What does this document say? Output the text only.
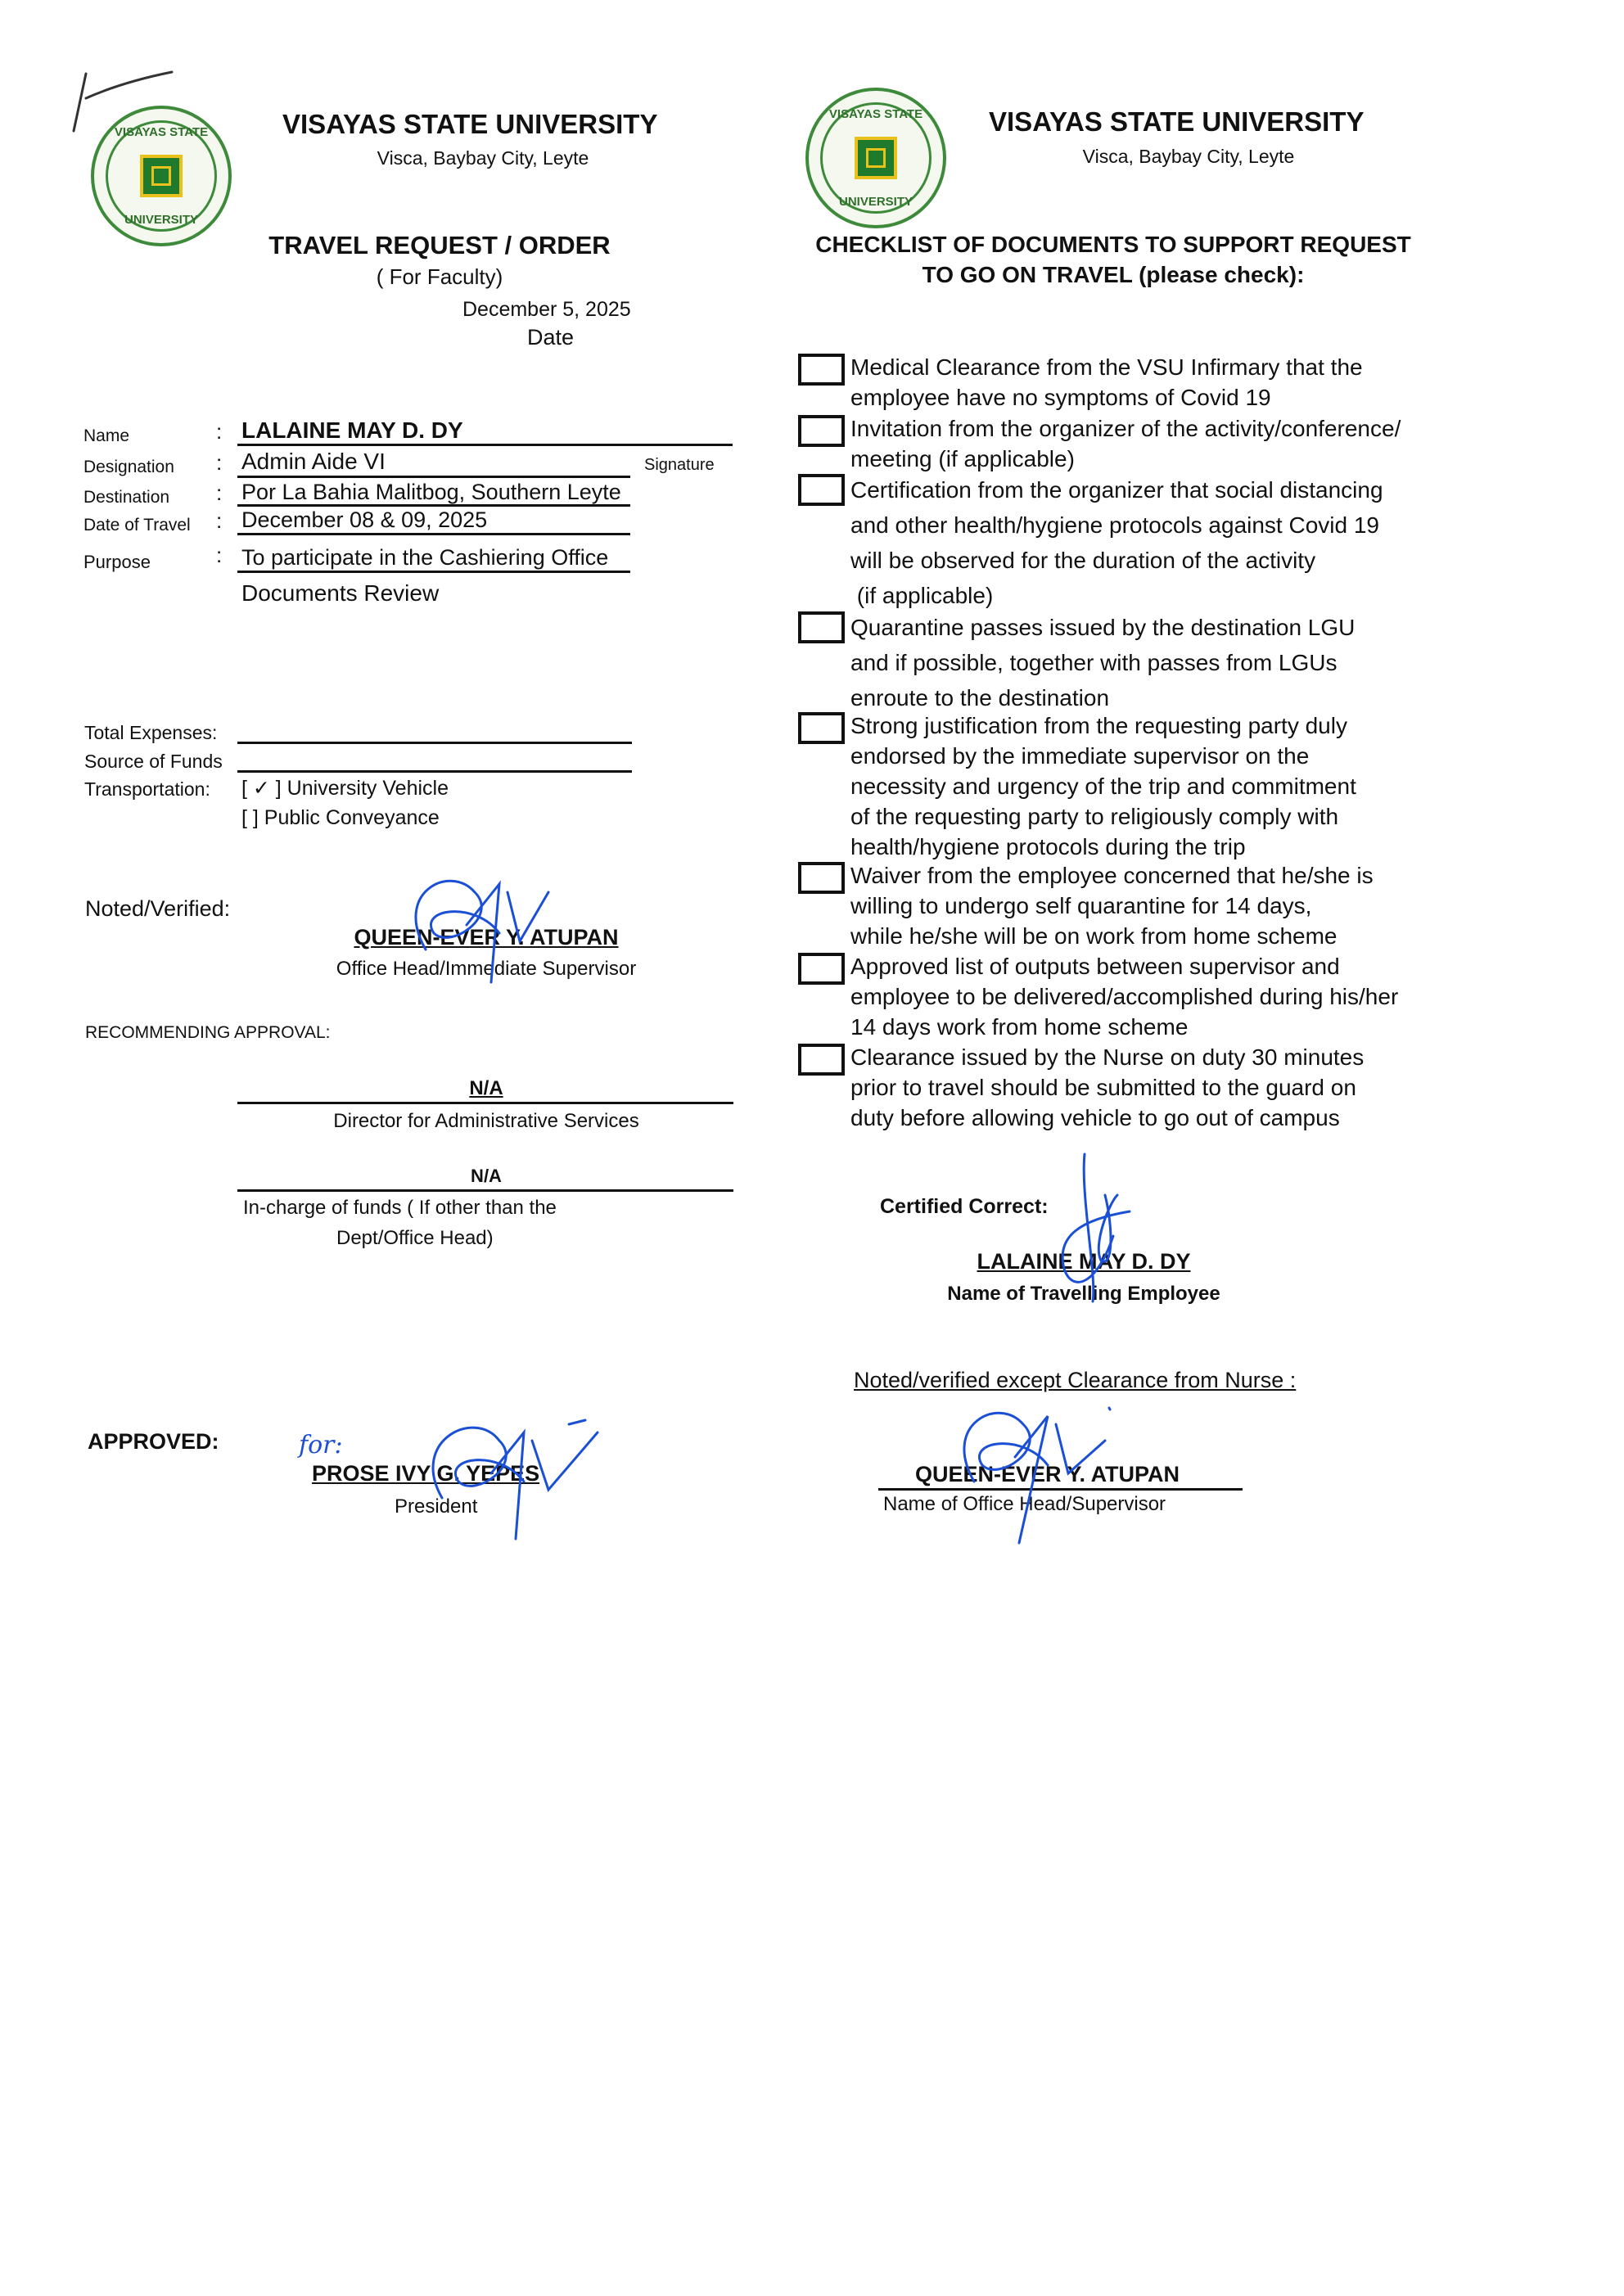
VISAYAS STATE
UNIVERSITY
VISAYAS STATE UNIVERSITY
Visca, Baybay City, Leyte
TRAVEL REQUEST / ORDER
( For Faculty)
December 5, 2025
Date
Name	: LALAINE MAY D. DY
Designation : Admin Aide VI	Signature
Destination : Por La Bahia Malitbog, Southern Leyte
Date of Travel : December 08 & 09, 2025
Purpose	: To participate in the Cashiering Office
Documents Review
Total Expenses:
Source of Funds
Transportation: [ ✓ ] University Vehicle
[ ] Public Conveyance
Noted/Verified:
QUEEN-EVER Y. ATUPAN
Office Head/Immediate Supervisor
RECOMMENDING APPROVAL:
N/A
Director for Administrative Services
N/A
In-charge of funds ( If other than the
Dept/Office Head)
APPROVED:	for:
PROSE IVY G. YEPES
President
VISAYAS STATE
UNIVERSITY
VISAYAS STATE UNIVERSITY
Visca, Baybay City, Leyte
CHECKLIST OF DOCUMENTS TO SUPPORT REQUEST
TO GO ON TRAVEL (please check):
Medical Clearance from the VSU Infirmary that the
employee have no symptoms of Covid 19
Invitation from the organizer of the activity/conference/
meeting (if applicable)
Certification from the organizer that social distancing
and other health/hygiene protocols against Covid 19
will be observed for the duration of the activity
(if applicable)
Quarantine passes issued by the destination LGU
and if possible, together with passes from LGUs
enroute to the destination
Strong justification from the requesting party duly
endorsed by the immediate supervisor on the
necessity and urgency of the trip and commitment
of the requesting party to religiously comply with
health/hygiene protocols during the trip
Waiver from the employee concerned that he/she is
willing to undergo self quarantine for 14 days,
while he/she will be on work from home scheme
Approved list of outputs between supervisor and
employee to be delivered/accomplished during his/her
14 days work from home scheme
Clearance issued by the Nurse on duty 30 minutes
prior to travel should be submitted to the guard on
duty before allowing vehicle to go out of campus
Certified Correct:
LALAINE MAY D. DY
Name of Travelling Employee
Noted/verified except Clearance from Nurse :
QUEEN-EVER Y. ATUPAN
Name of Office Head/Supervisor
